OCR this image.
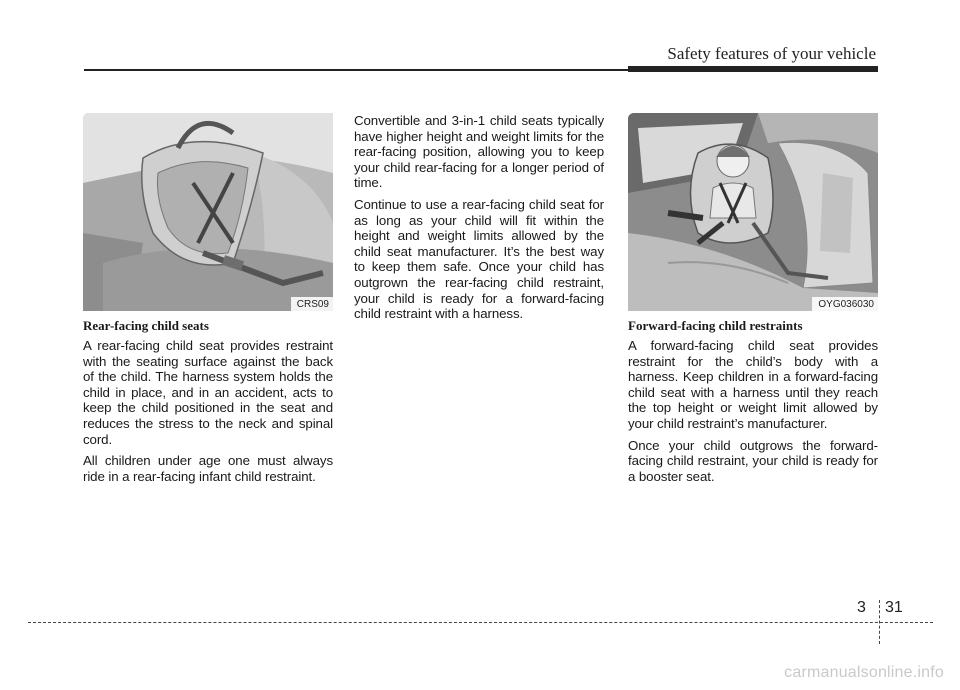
Safety features of your vehicle
CRS09
Rear-facing child seats

A rear-facing child seat provides restraint with the seating surface against the back of the child. The harness system holds the child in place, and in an accident, acts to keep the child positioned in the seat and reduces the stress to the neck and spinal cord.

All children under age one must always ride in a rear-facing infant child restraint.

Convertible and 3-in-1 child seats typically have higher height and weight limits for the rear-facing position, allowing you to keep your child rear-facing for a longer period of time.

Continue to use a rear-facing child seat for as long as your child will fit within the height and weight limits allowed by the child seat manufacturer. It’s the best way to keep them safe. Once your child has outgrown the rear-facing child restraint, your child is ready for a forward-facing child restraint with a harness.

OYG036030
Forward-facing child restraints

A forward-facing child seat provides restraint for the child’s body with a harness. Keep children in a forward-facing child seat with a harness until they reach the top height or weight limit allowed by your child restraint’s manufacturer.

Once your child outgrows the forward-facing child restraint, your child is ready for a booster seat.

3 31
carmanualsonline.info
